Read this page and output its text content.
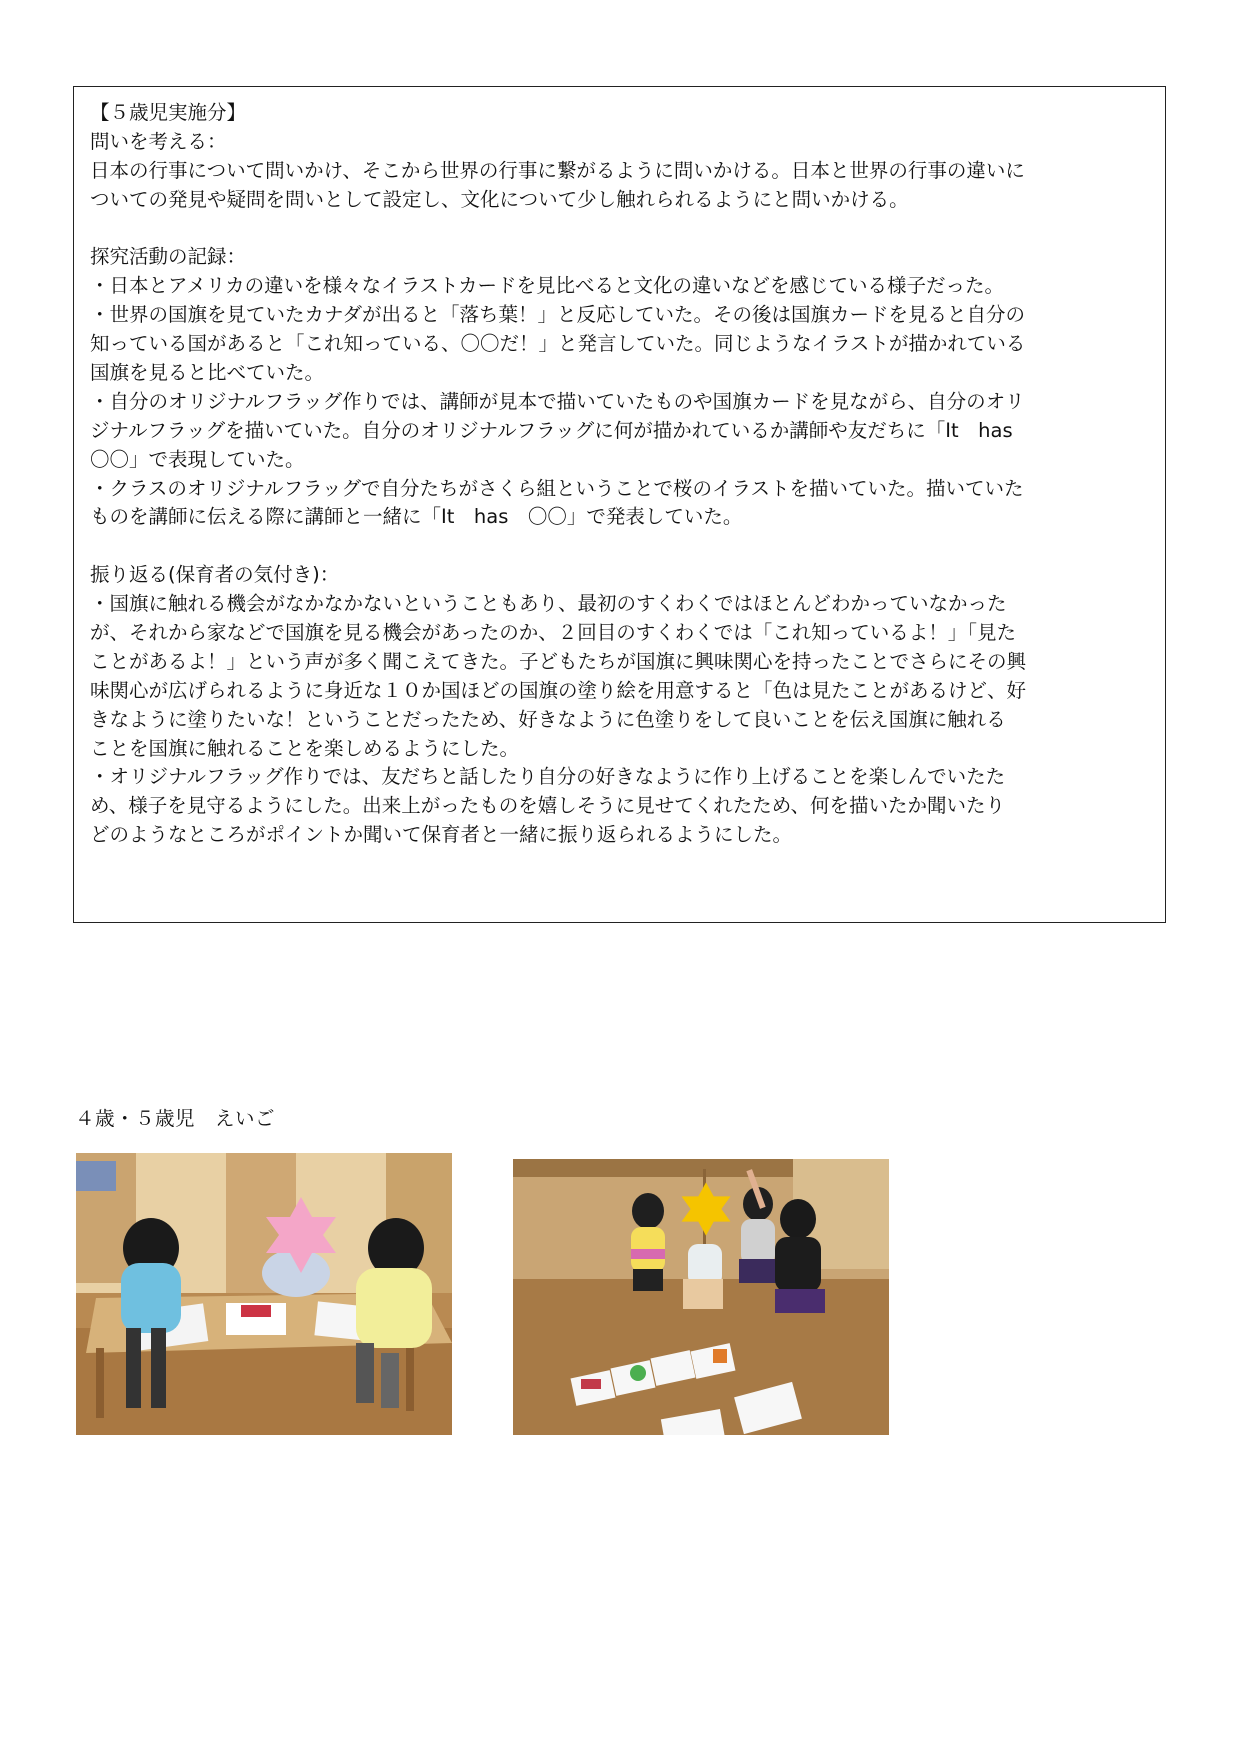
【５歳児実施分】
問いを考える：
日本の行事について問いかけ、そこから世界の行事に繋がるように問いかける。日本と世界の行事の違いに
ついての発見や疑問を問いとして設定し、文化について少し触れられるようにと問いかける。
探究活動の記録：
・日本とアメリカの違いを様々なイラストカードを見比べると文化の違いなどを感じている様子だった。
・世界の国旗を見ていたカナダが出ると「落ち葉！」と反応していた。その後は国旗カードを見ると自分の
知っている国があると「これ知っている、〇〇だ！」と発言していた。同じようなイラストが描かれている
国旗を見ると比べていた。
・自分のオリジナルフラッグ作りでは、講師が見本で描いていたものや国旗カードを見ながら、自分のオリ
ジナルフラッグを描いていた。自分のオリジナルフラッグに何が描かれているか講師や友だちに「It　has
〇〇」で表現していた。
・クラスのオリジナルフラッグで自分たちがさくら組ということで桜のイラストを描いていた。描いていた
ものを講師に伝える際に講師と一緒に「It　has　〇〇」で発表していた。
振り返る(保育者の気付き)：
・国旗に触れる機会がなかなかないということもあり、最初のすくわくではほとんどわかっていなかった
が、それから家などで国旗を見る機会があったのか、２回目のすくわくでは「これ知っているよ！」「見た
ことがあるよ！」という声が多く聞こえてきた。子どもたちが国旗に興味関心を持ったことでさらにその興
味関心が広げられるように身近な１０か国ほどの国旗の塗り絵を用意すると「色は見たことがあるけど、好
きなように塗りたいな！ということだったため、好きなように色塗りをして良いことを伝え国旗に触れる
ことを国旗に触れることを楽しめるようにした。
・オリジナルフラッグ作りでは、友だちと話したり自分の好きなように作り上げることを楽しんでいたた
め、様子を見守るようにした。出来上がったものを嬉しそうに見せてくれたため、何を描いたか聞いたり
どのようなところがポイントか聞いて保育者と一緒に振り返られるようにした。
４歳・５歳児　えいご
